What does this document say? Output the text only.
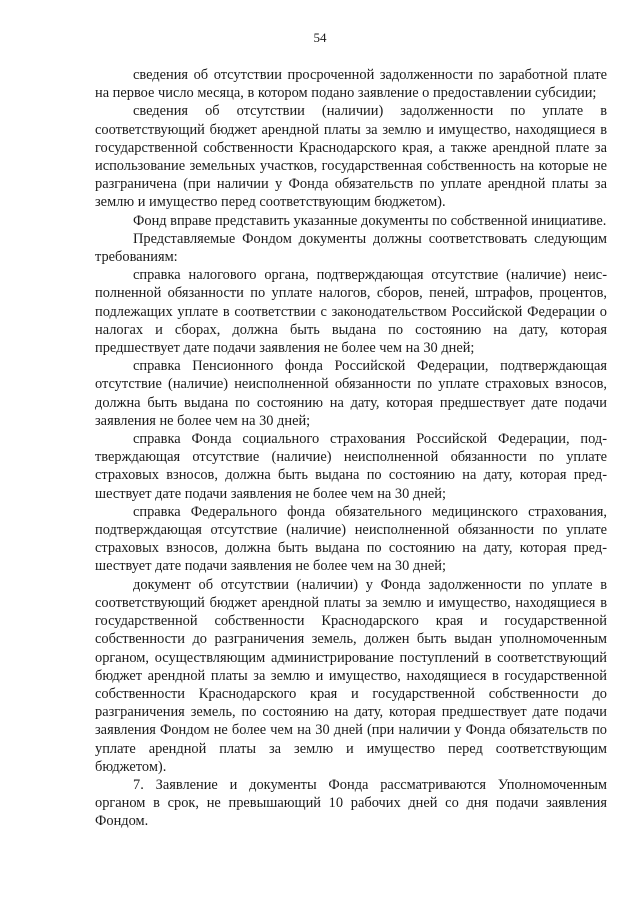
54

сведения об отсутствии просроченной задолженности по заработной плате на первое число месяца, в котором подано заявление о предоставлении субсидии;

сведения об отсутствии (наличии) задолженности по уплате в соответствующий бюджет арендной платы за землю и имущество, находящиеся в государственной собственности Краснодарского края, а также арендной плате за использование земельных участков, государственная собственность на которые не разграничена (при наличии у Фонда обязательств по уплате арендной платы за землю и имущество перед соответствующим бюджетом).

Фонд вправе представить указанные документы по собственной инициативе.

Представляемые Фондом документы должны соответствовать следующим требованиям:

справка налогового органа, подтверждающая отсутствие (наличие) неисполненной обязанности по уплате налогов, сборов, пеней, штрафов, процентов, подлежащих уплате в соответствии с законодательством Российской Федерации о налогах и сборах, должна быть выдана по состоянию на дату, которая предшествует дате подачи заявления не более чем на 30 дней;

справка Пенсионного фонда Российской Федерации, подтверждающая отсутствие (наличие) неисполненной обязанности по уплате страховых взносов, должна быть выдана по состоянию на дату, которая предшествует дате подачи заявления не более чем на 30 дней;

справка Фонда социального страхования Российской Федерации, подтверждающая отсутствие (наличие) неисполненной обязанности по уплате страховых взносов, должна быть выдана по состоянию на дату, которая предшествует дате подачи заявления не более чем на 30 дней;

справка Федерального фонда обязательного медицинского страхования, подтверждающая отсутствие (наличие) неисполненной обязанности по уплате страховых взносов, должна быть выдана по состоянию на дату, которая предшествует дате подачи заявления не более чем на 30 дней;

документ об отсутствии (наличии) у Фонда задолженности по уплате в соответствующий бюджет арендной платы за землю и имущество, находящиеся в государственной собственности Краснодарского края и государственной собственности до разграничения земель, должен быть выдан уполномоченным органом, осуществляющим администрирование поступлений в соответствующий бюджет арендной платы за землю и имущество, находящиеся в государственной собственности Краснодарского края и государственной собственности до разграничения земель, по состоянию на дату, которая предшествует дате подачи заявления Фондом не более чем на 30 дней (при наличии у Фонда обязательств по уплате арендной платы за землю и имущество перед соответствующим бюджетом).

7. Заявление и документы Фонда рассматриваются Уполномоченным органом в срок, не превышающий 10 рабочих дней со дня подачи заявления Фондом.
